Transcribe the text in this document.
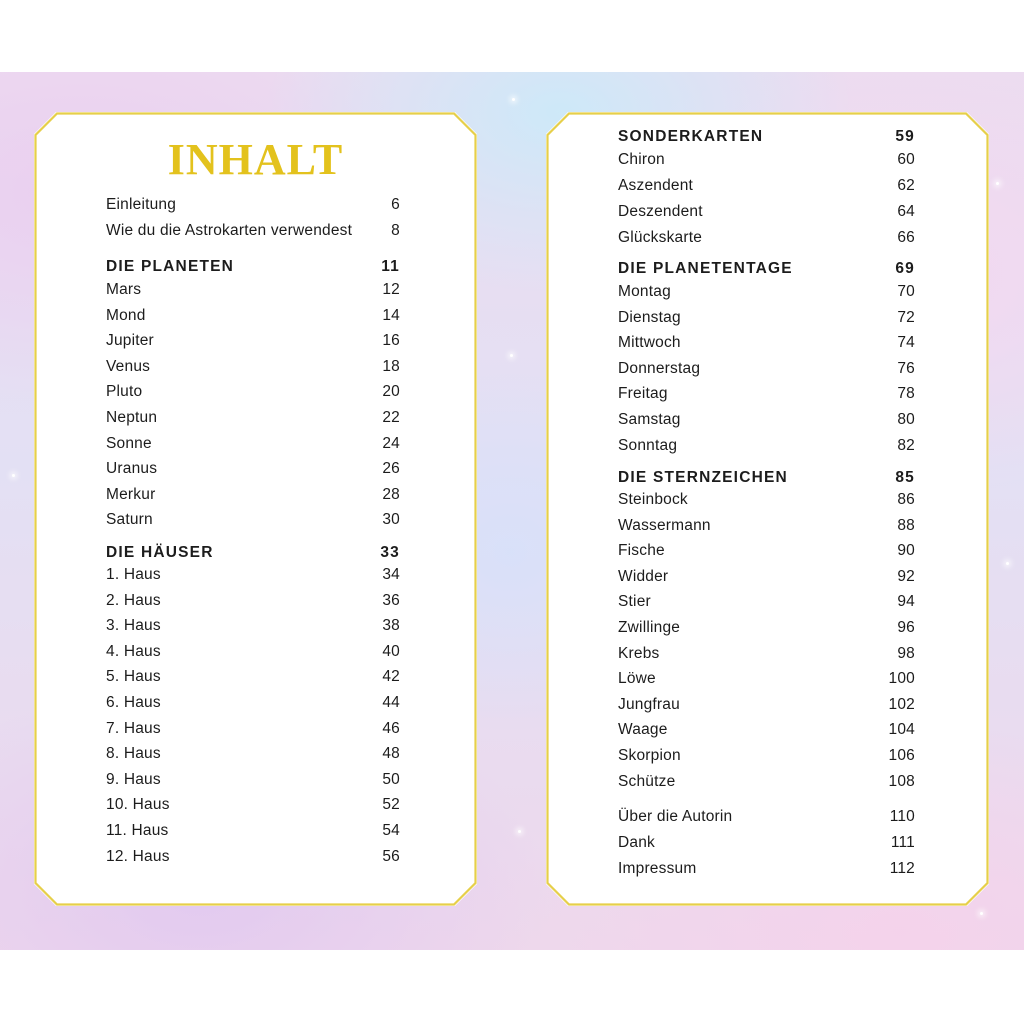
INHALT
Einleitung	6
Wie du die Astrokarten verwendest	8
DIE PLANETEN	11
Mars	12
Mond	14
Jupiter	16
Venus	18
Pluto	20
Neptun	22
Sonne	24
Uranus	26
Merkur	28
Saturn	30
DIE HÄUSER	33
1. Haus	34
2. Haus	36
3. Haus	38
4. Haus	40
5. Haus	42
6. Haus	44
7. Haus	46
8. Haus	48
9. Haus	50
10. Haus	52
11. Haus	54
12. Haus	56
SONDERKARTEN	59
Chiron	60
Aszendent	62
Deszendent	64
Glückskarte	66
DIE PLANETENTAGE	69
Montag	70
Dienstag	72
Mittwoch	74
Donnerstag	76
Freitag	78
Samstag	80
Sonntag	82
DIE STERNZEICHEN	85
Steinbock	86
Wassermann	88
Fische	90
Widder	92
Stier	94
Zwillinge	96
Krebs	98
Löwe	100
Jungfrau	102
Waage	104
Skorpion	106
Schütze	108
Über die Autorin	110
Dank	111
Impressum	112
